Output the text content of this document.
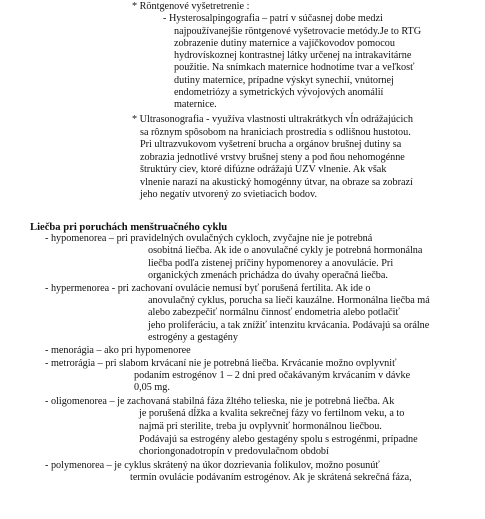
* Röntgenové vyšetretrenie :
- Hysterosalpingografia – patrí v súčasnej dobe medzi
najpoužívanejšie röntgenové vyšetrovacie metódy.Je to RTG
zobrazenie dutiny maternice a vajíčkovodov pomocou
hydrovískoznej kontrastnej látky určenej na intrakavitárne
použitie. Na snímkach maternice hodnotíme tvar a veľkosť
dutiny maternice, prípadne výskyt synechií, vnútornej
endometriózy a symetrických vývojových anomálií
maternice.
* Ultrasonografia - využíva vlastnosti ultrakrátkych vĺn odrážajúcich
sa rôznym spôsobom na hraniciach prostredia s odlišnou hustotou.
Pri ultrazvukovom vyšetrení brucha a orgánov brušnej dutiny sa
zobrazia jednotlivé vrstvy brušnej steny a pod ňou nehomogénne
štruktúry ciev, ktoré difúzne odrážajú UZV vlnenie. Ak však
vlnenie narazí na akustický homogénny útvar, na obraze sa zobrazí
jeho negatív utvorený zo svietiacich bodov.
Liečba pri poruchách menštruačného cyklu
- hypomenorea – pri pravidelných ovulačných cykloch, zvyčajne nie je potrebná
osobitná liečba. Ak ide o anovulačné cykly je potrebná hormonálna
liečba podľa zistenej príčiny hypomenorey a anovulácie. Pri
organických zmenách prichádza do úvahy operačná liečba.
- hypermenorea - pri zachovaní ovulácie nemusí byť porušená fertilita. Ak ide o
anovulačný cyklus, porucha sa lieči kauzálne. Hormonálna liečba má
alebo zabezpečiť normálnu činnosť endometria alebo potlačiť
jeho proliferáciu, a tak znížiť intenzitu krvácania. Podávajú sa orálne
estrogény a gestagény
- menorágia – ako pri hypomenoree
- metrorágia – pri slabom krvácaní nie je potrebná liečba. Krvácanie možno ovplyvniť
podaním estrogénov 1 – 2 dni pred očakávaným krvácaním v dávke
0,05 mg.
- oligomenorea – je zachovaná stabilná fáza žltého telieska, nie je potrebná liečba. Ak
je porušená dĺžka a kvalita sekrečnej fázy vo fertilnom veku, a to
najmä pri sterilite, treba ju ovplyvniť hormonálnou liečbou.
Podávajú sa estrogény alebo gestagény spolu s estrogénmi, prípadne
choriongonadotropín v predovulačnom období
- polymenorea – je cyklus skrátený na úkor dozrievania folikulov, možno posunúť
termín ovulácie podávaním estrogénov. Ak je skrátená sekrečná fáza,
